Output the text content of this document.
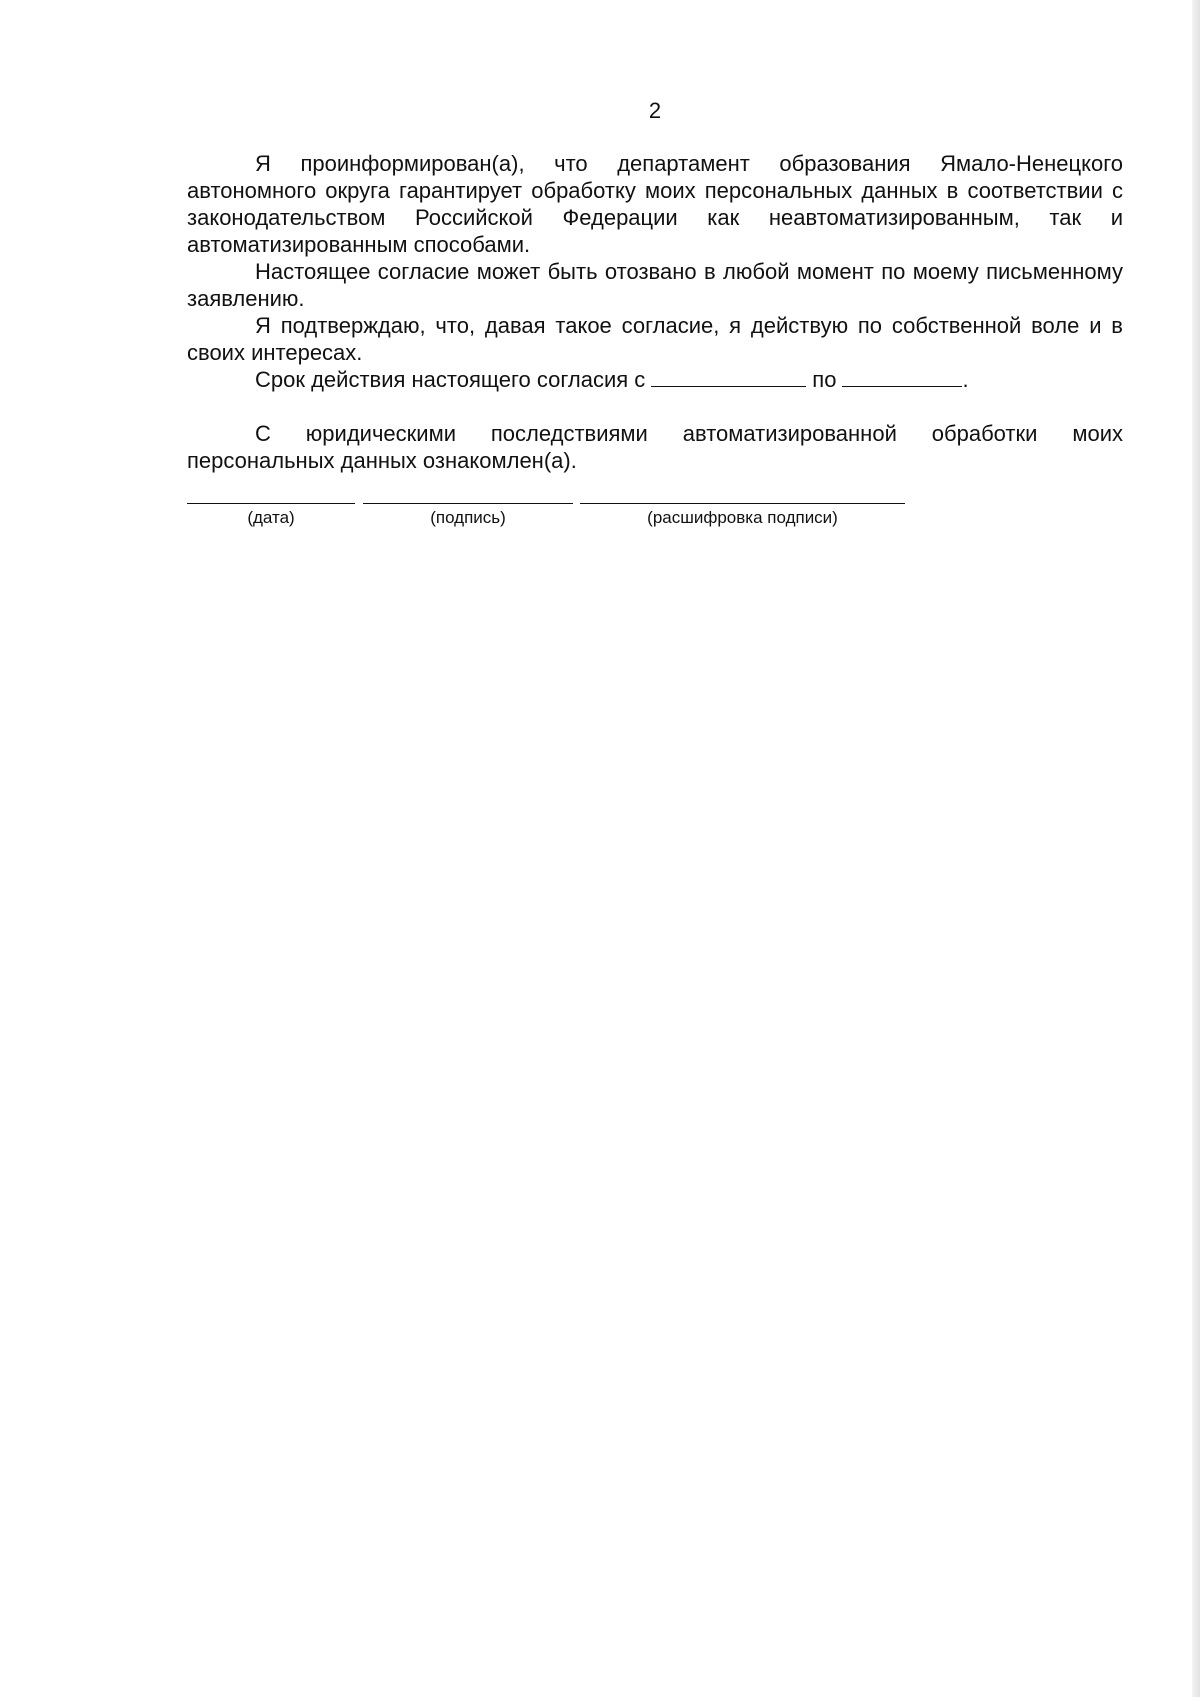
2

Я проинформирован(а), что департамент образования Ямало-Ненецкого автономного округа гарантирует обработку моих персональных данных в соответствии с законодательством Российской Федерации как неавтоматизированным, так и автоматизированным способами.

Настоящее согласие может быть отозвано в любой момент по моему письменному заявлению.

Я подтверждаю, что, давая такое согласие, я действую по собственной воле и в своих интересах.

Срок действия настоящего согласия с	по	.

С юридическими последствиями автоматизированной обработки моих персональных данных ознакомлен(а).

(дата)	(подпись)	(расшифровка подписи)
